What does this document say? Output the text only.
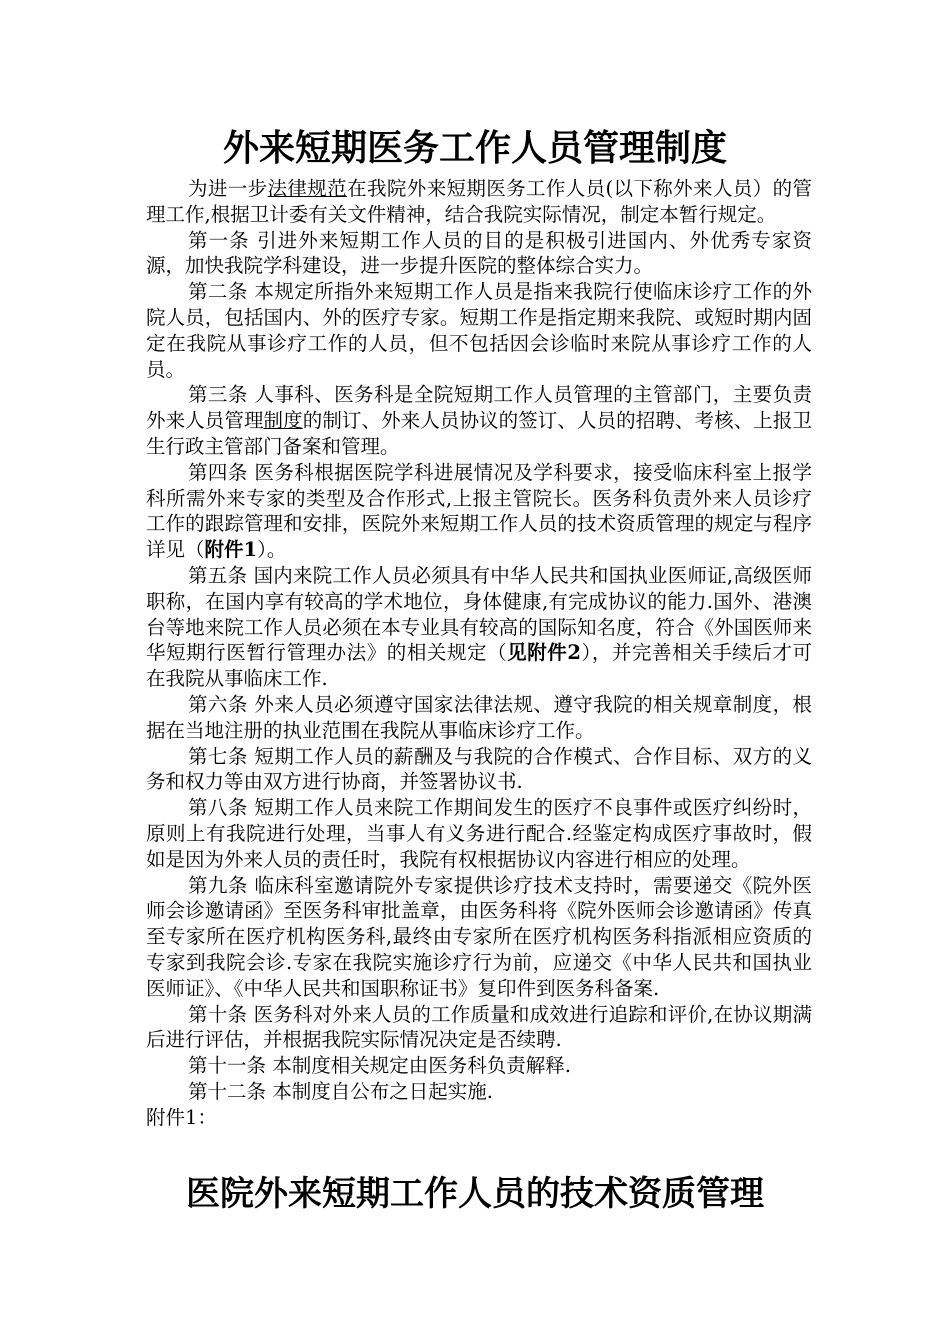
外来短期医务工作人员管理制度

为进一步法律规范在我院外来短期医务工作人员(以下称外来人员）的管理工作,根据卫计委有关文件精神，结合我院实际情况，制定本暂行规定。

第一条 引进外来短期工作人员的目的是积极引进国内、外优秀专家资源，加快我院学科建设，进一步提升医院的整体综合实力。

第二条 本规定所指外来短期工作人员是指来我院行使临床诊疗工作的外院人员，包括国内、外的医疗专家。短期工作是指定期来我院、或短时期内固定在我院从事诊疗工作的人员，但不包括因会诊临时来院从事诊疗工作的人员。

第三条 人事科、医务科是全院短期工作人员管理的主管部门，主要负责外来人员管理制度的制订、外来人员协议的签订、人员的招聘、考核、上报卫生行政主管部门备案和管理。

第四条 医务科根据医院学科进展情况及学科要求，接受临床科室上报学科所需外来专家的类型及合作形式,上报主管院长。医务科负责外来人员诊疗工作的跟踪管理和安排，医院外来短期工作人员的技术资质管理的规定与程序详见（附件1）。

第五条 国内来院工作人员必须具有中华人民共和国执业医师证,高级医师职称，在国内享有较高的学术地位，身体健康,有完成协议的能力.国外、港澳台等地来院工作人员必须在本专业具有较高的国际知名度，符合《外国医师来华短期行医暂行管理办法》的相关规定（见附件2），并完善相关手续后才可在我院从事临床工作.

第六条 外来人员必须遵守国家法律法规、遵守我院的相关规章制度，根据在当地注册的执业范围在我院从事临床诊疗工作。

第七条 短期工作人员的薪酬及与我院的合作模式、合作目标、双方的义务和权力等由双方进行协商，并签署协议书.

第八条 短期工作人员来院工作期间发生的医疗不良事件或医疗纠纷时，原则上有我院进行处理，当事人有义务进行配合.经鉴定构成医疗事故时，假如是因为外来人员的责任时，我院有权根据协议内容进行相应的处理。

第九条 临床科室邀请院外专家提供诊疗技术支持时，需要递交《院外医师会诊邀请函》至医务科审批盖章，由医务科将《院外医师会诊邀请函》传真至专家所在医疗机构医务科,最终由专家所在医疗机构医务科指派相应资质的专家到我院会诊.专家在我院实施诊疗行为前，应递交《中华人民共和国执业医师证》、《中华人民共和国职称证书》复印件到医务科备案.

第十条 医务科对外来人员的工作质量和成效进行追踪和评价,在协议期满后进行评估，并根据我院实际情况决定是否续聘.

第十一条 本制度相关规定由医务科负责解释.

第十二条 本制度自公布之日起实施.

附件1：

医院外来短期工作人员的技术资质管理
